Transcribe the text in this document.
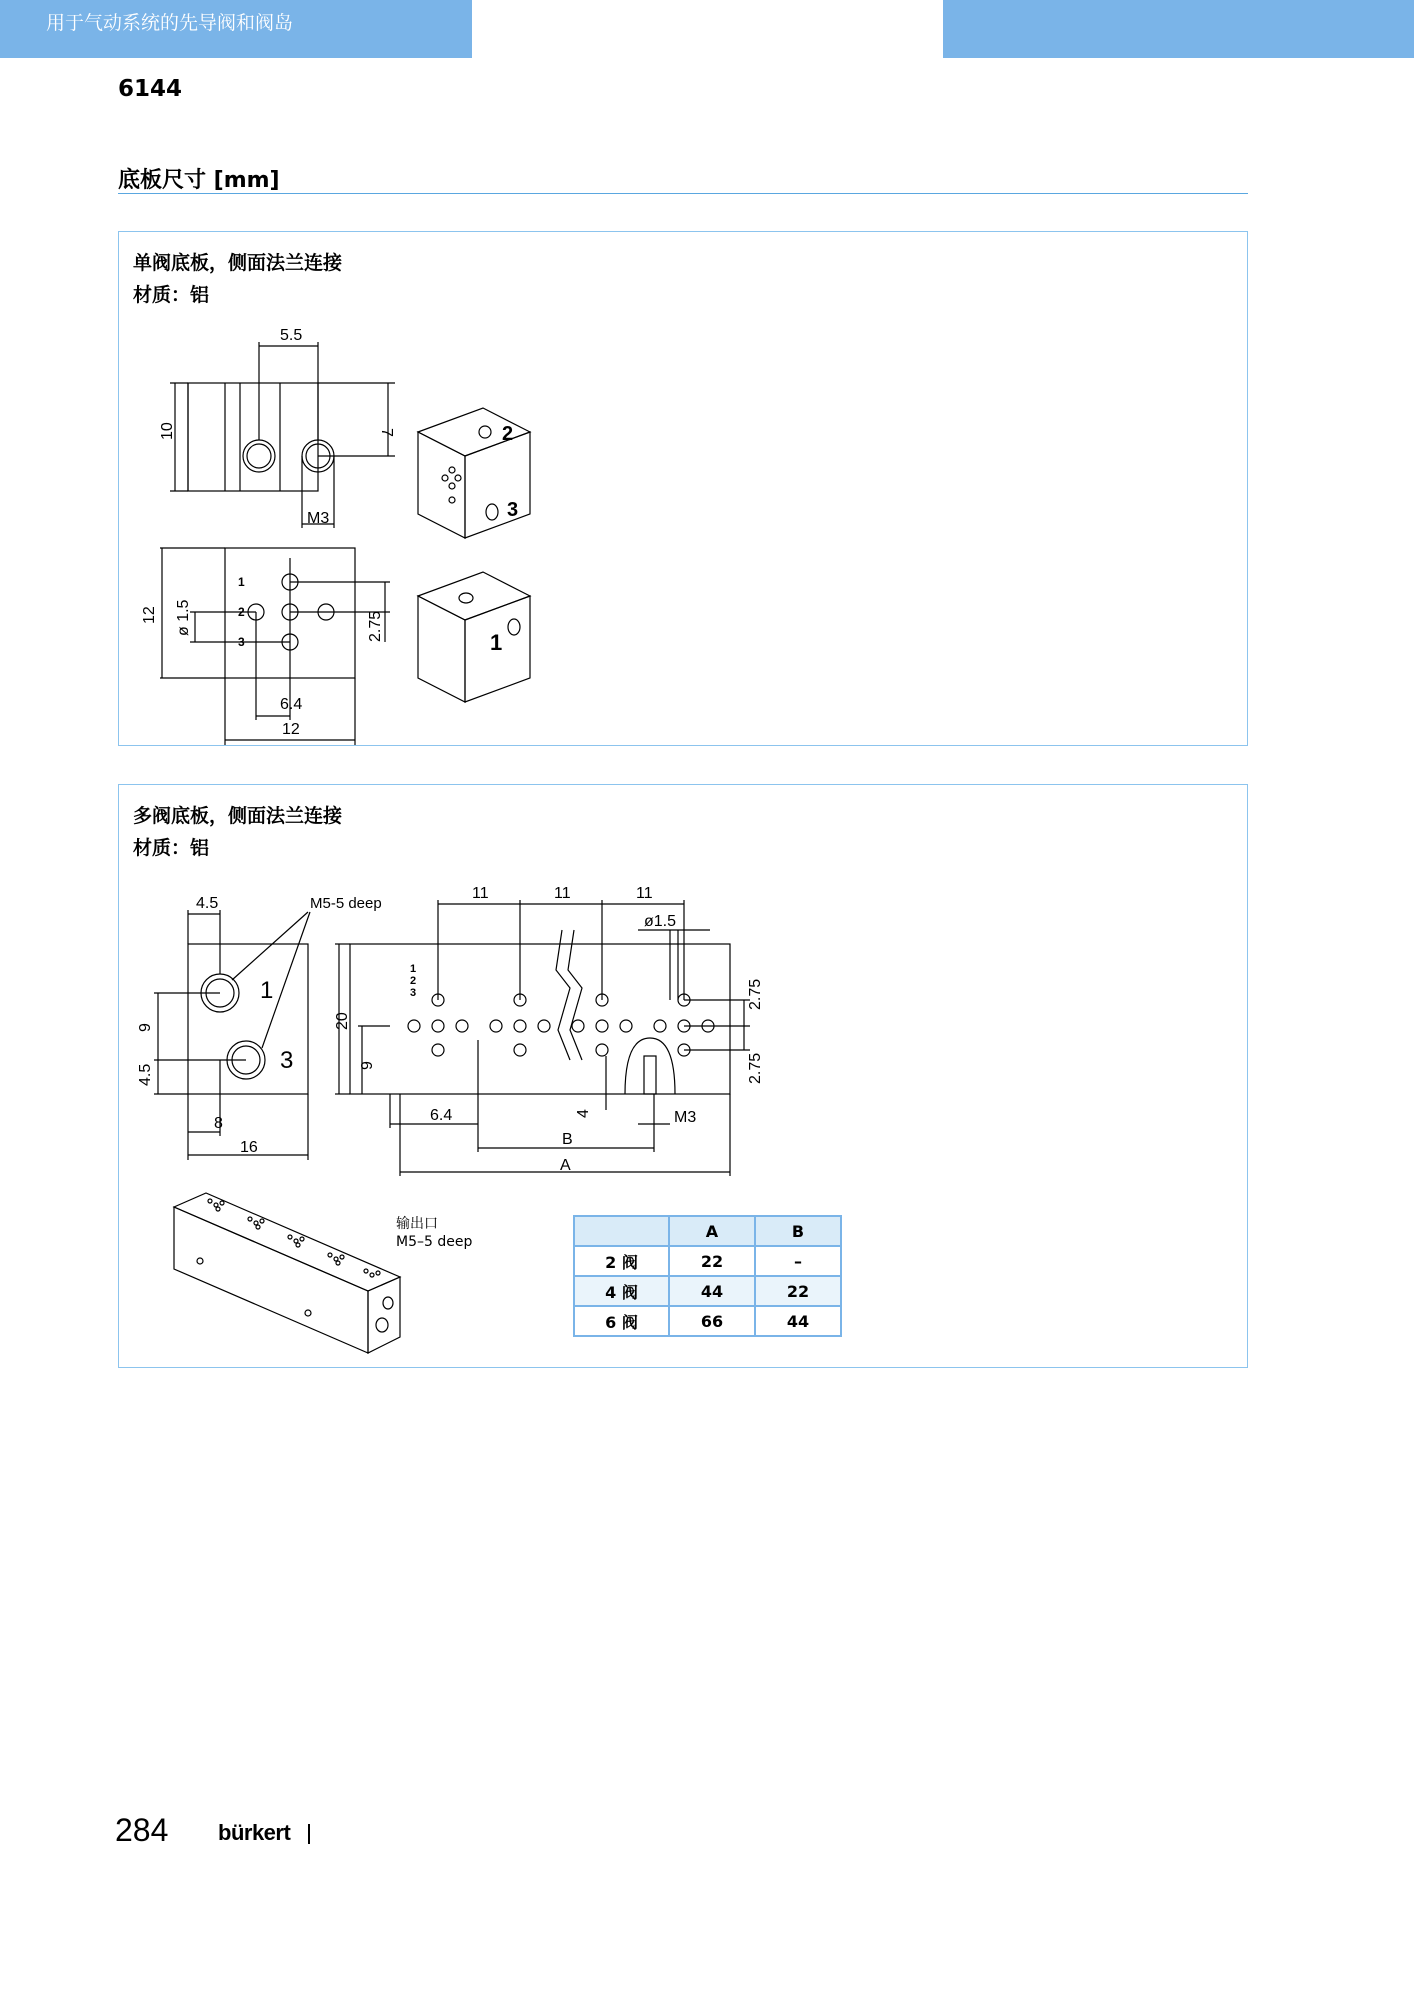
用于气动系统的先导阀和阀岛
6144
底板尺寸 [mm]
单阀底板，侧面法兰连接
材质：铝
5.5
10	7
M3
12 ø 1.5	2.75
6.4
12
1
2
3
2
3
1
多阀底板，侧面法兰连接
材质：铝
4.5	M5-5 deep
9
4.5
8
16
1
3
11	11	11
ø1.5
20
9
2.75
2.75
6.4	4	M3
B
A
1
2
3
输出口
M5–5 deep
	A	B
2 阀	22	–
4 阀	44	22
6 阀	66	44
284 bürkert
